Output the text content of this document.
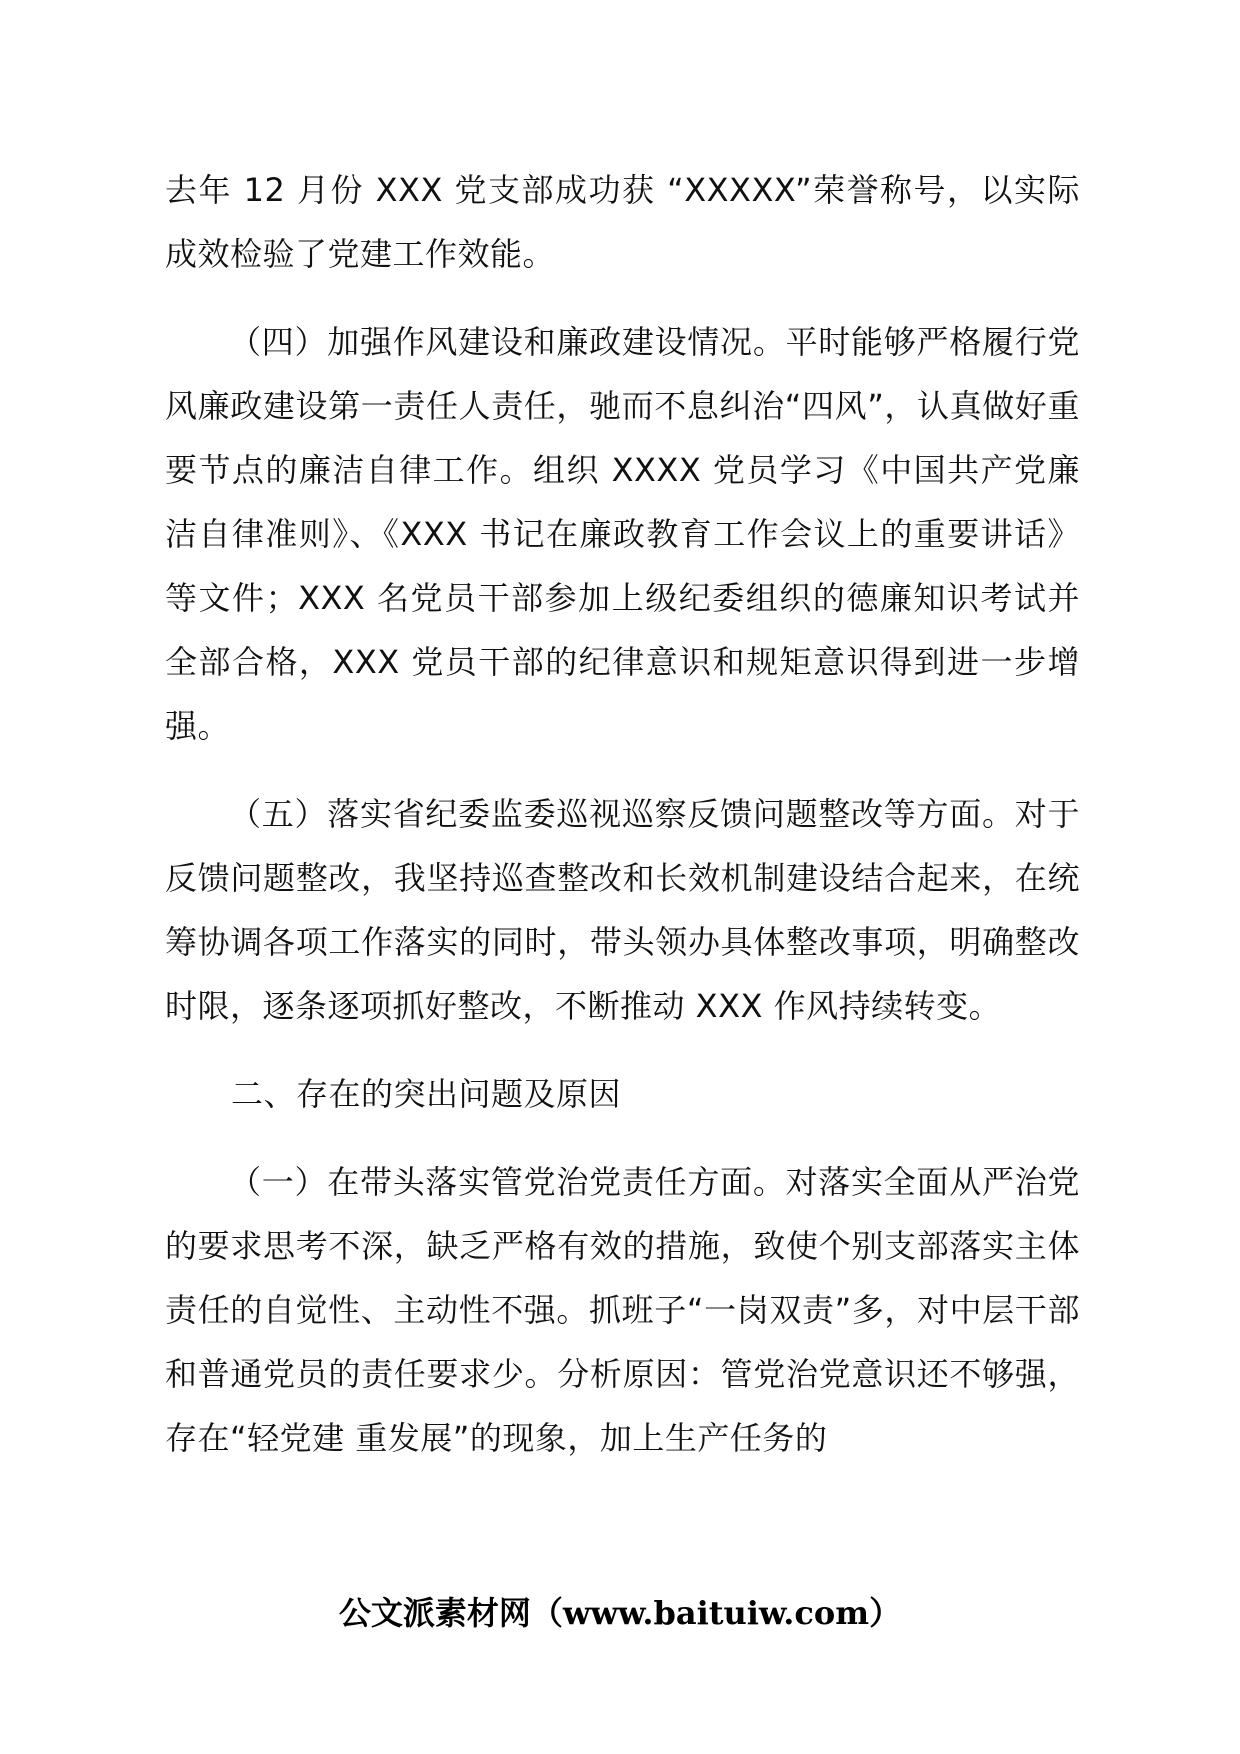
去年 12 月份 XXX 党支部成功获 “XXXXX”荣誉称号，以实际成效检验了党建工作效能。

（四）加强作风建设和廉政建设情况。平时能够严格履行党风廉政建设第一责任人责任，驰而不息纠治“四风”，认真做好重要节点的廉洁自律工作。组织 XXXX 党员学习《中国共产党廉洁自律准则》、《XXX 书记在廉政教育工作会议上的重要讲话》等文件；XXX 名党员干部参加上级纪委组织的德廉知识考试并全部合格，XXX 党员干部的纪律意识和规矩意识得到进一步增强。

（五）落实省纪委监委巡视巡察反馈问题整改等方面。对于反馈问题整改，我坚持巡查整改和长效机制建设结合起来，在统筹协调各项工作落实的同时，带头领办具体整改事项，明确整改时限，逐条逐项抓好整改，不断推动 XXX 作风持续转变。

二、存在的突出问题及原因

（一）在带头落实管党治党责任方面。对落实全面从严治党的要求思考不深，缺乏严格有效的措施，致使个别支部落实主体责任的自觉性、主动性不强。抓班子“一岗双责”多，对中层干部和普通党员的责任要求少。分析原因：管党治党意识还不够强，存在“轻党建 重发展”的现象，加上生产任务的

公文派素材网（www.baituiw.com）
